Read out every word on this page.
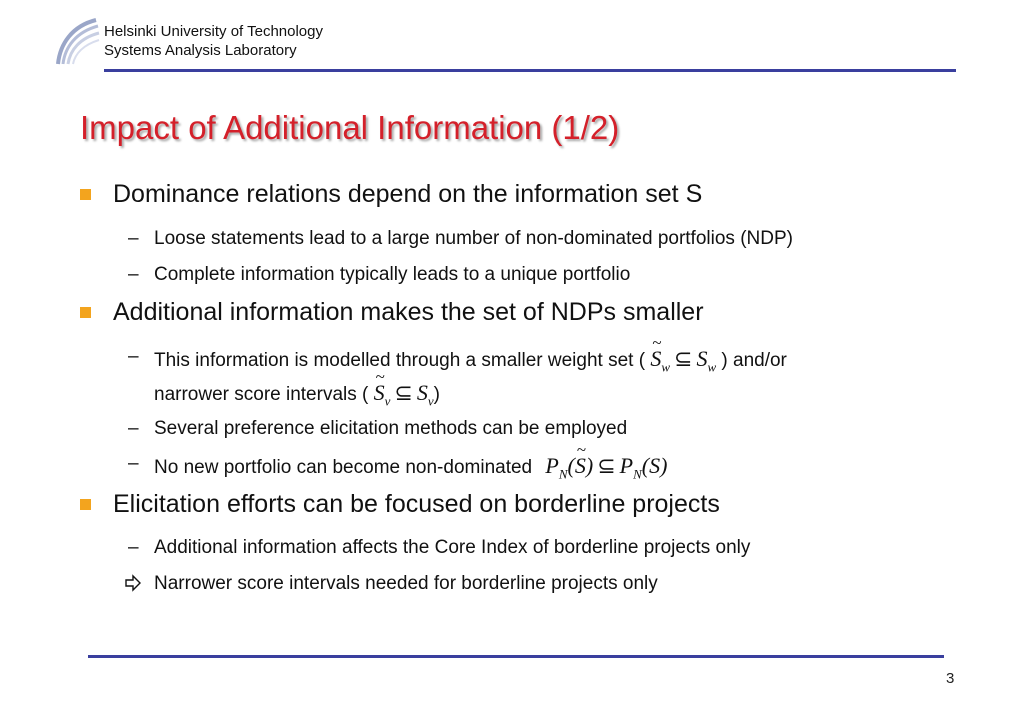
Helsinki University of Technology
Systems Analysis Laboratory
Impact of Additional Information (1/2)
Dominance relations depend on the information set S
– Loose statements lead to a large number of non-dominated portfolios (NDP)
– Complete information typically leads to a unique portfolio
Additional information makes the set of NDPs smaller
– This information is modelled through a smaller weight set ( ~ $S_w$ ⊆ $S_w$ ) and/or
narrower score intervals ( ~ $S_v$ ⊆ $S_v$)
– Several preference elicitation methods can be employed
– No new portfolio can become non-dominated $P_N(\sim$ S) ⊆ $P_N(S)$
Elicitation efforts can be focused on borderline projects
– Additional information affects the Core Index of borderline projects only
Narrower score intervals needed for borderline projects only
3
